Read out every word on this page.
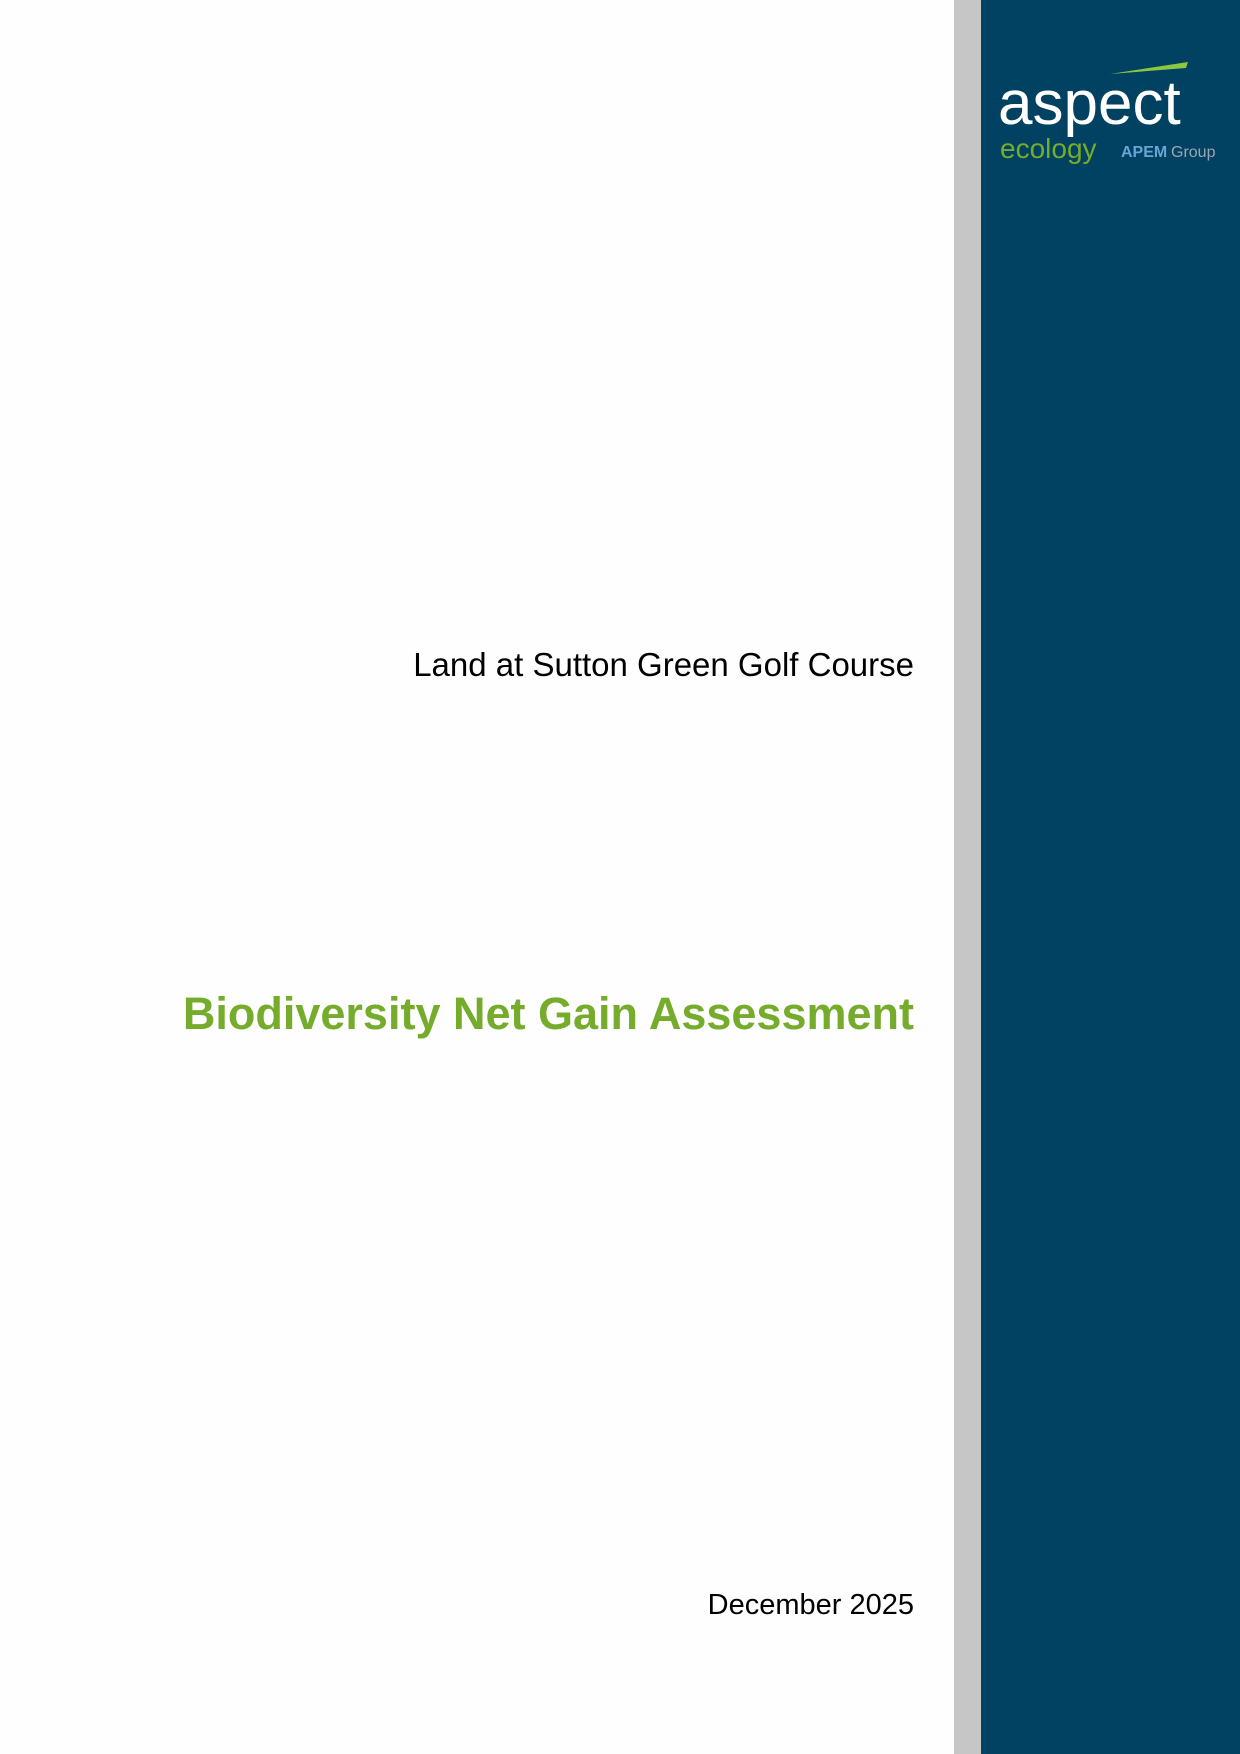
aspect
ecology APEM Group
Land at Sutton Green Golf Course
Biodiversity Net Gain Assessment
December 2025
